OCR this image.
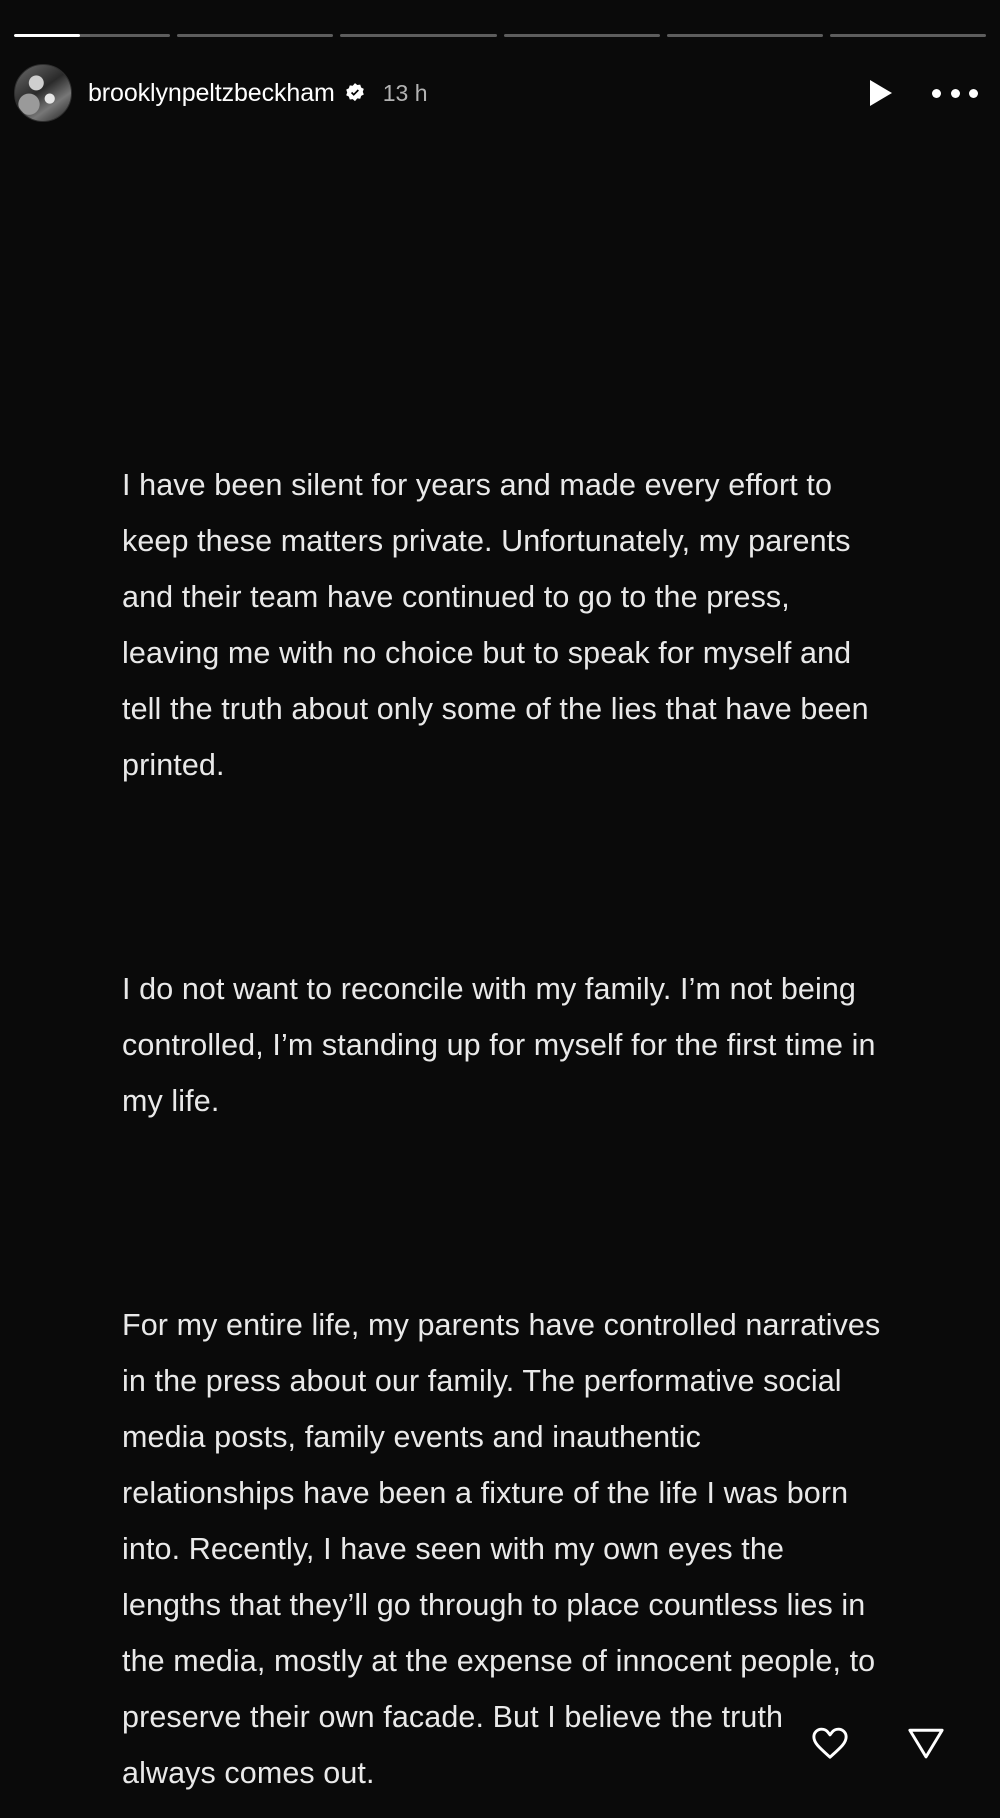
brooklynpeltzbeckham 13 h

I have been silent for years and made every effort to keep these matters private. Unfortunately, my parents and their team have continued to go to the press, leaving me with no choice but to speak for myself and tell the truth about only some of the lies that have been printed.

I do not want to reconcile with my family. I’m not being controlled, I’m standing up for myself for the first time in my life.

For my entire life, my parents have controlled narratives in the press about our family. The performative social media posts, family events and inauthentic relationships have been a fixture of the life I was born into. Recently, I have seen with my own eyes the lengths that they’ll go through to place countless lies in the media, mostly at the expense of innocent people, to preserve their own facade. But I believe the truth always comes out.
